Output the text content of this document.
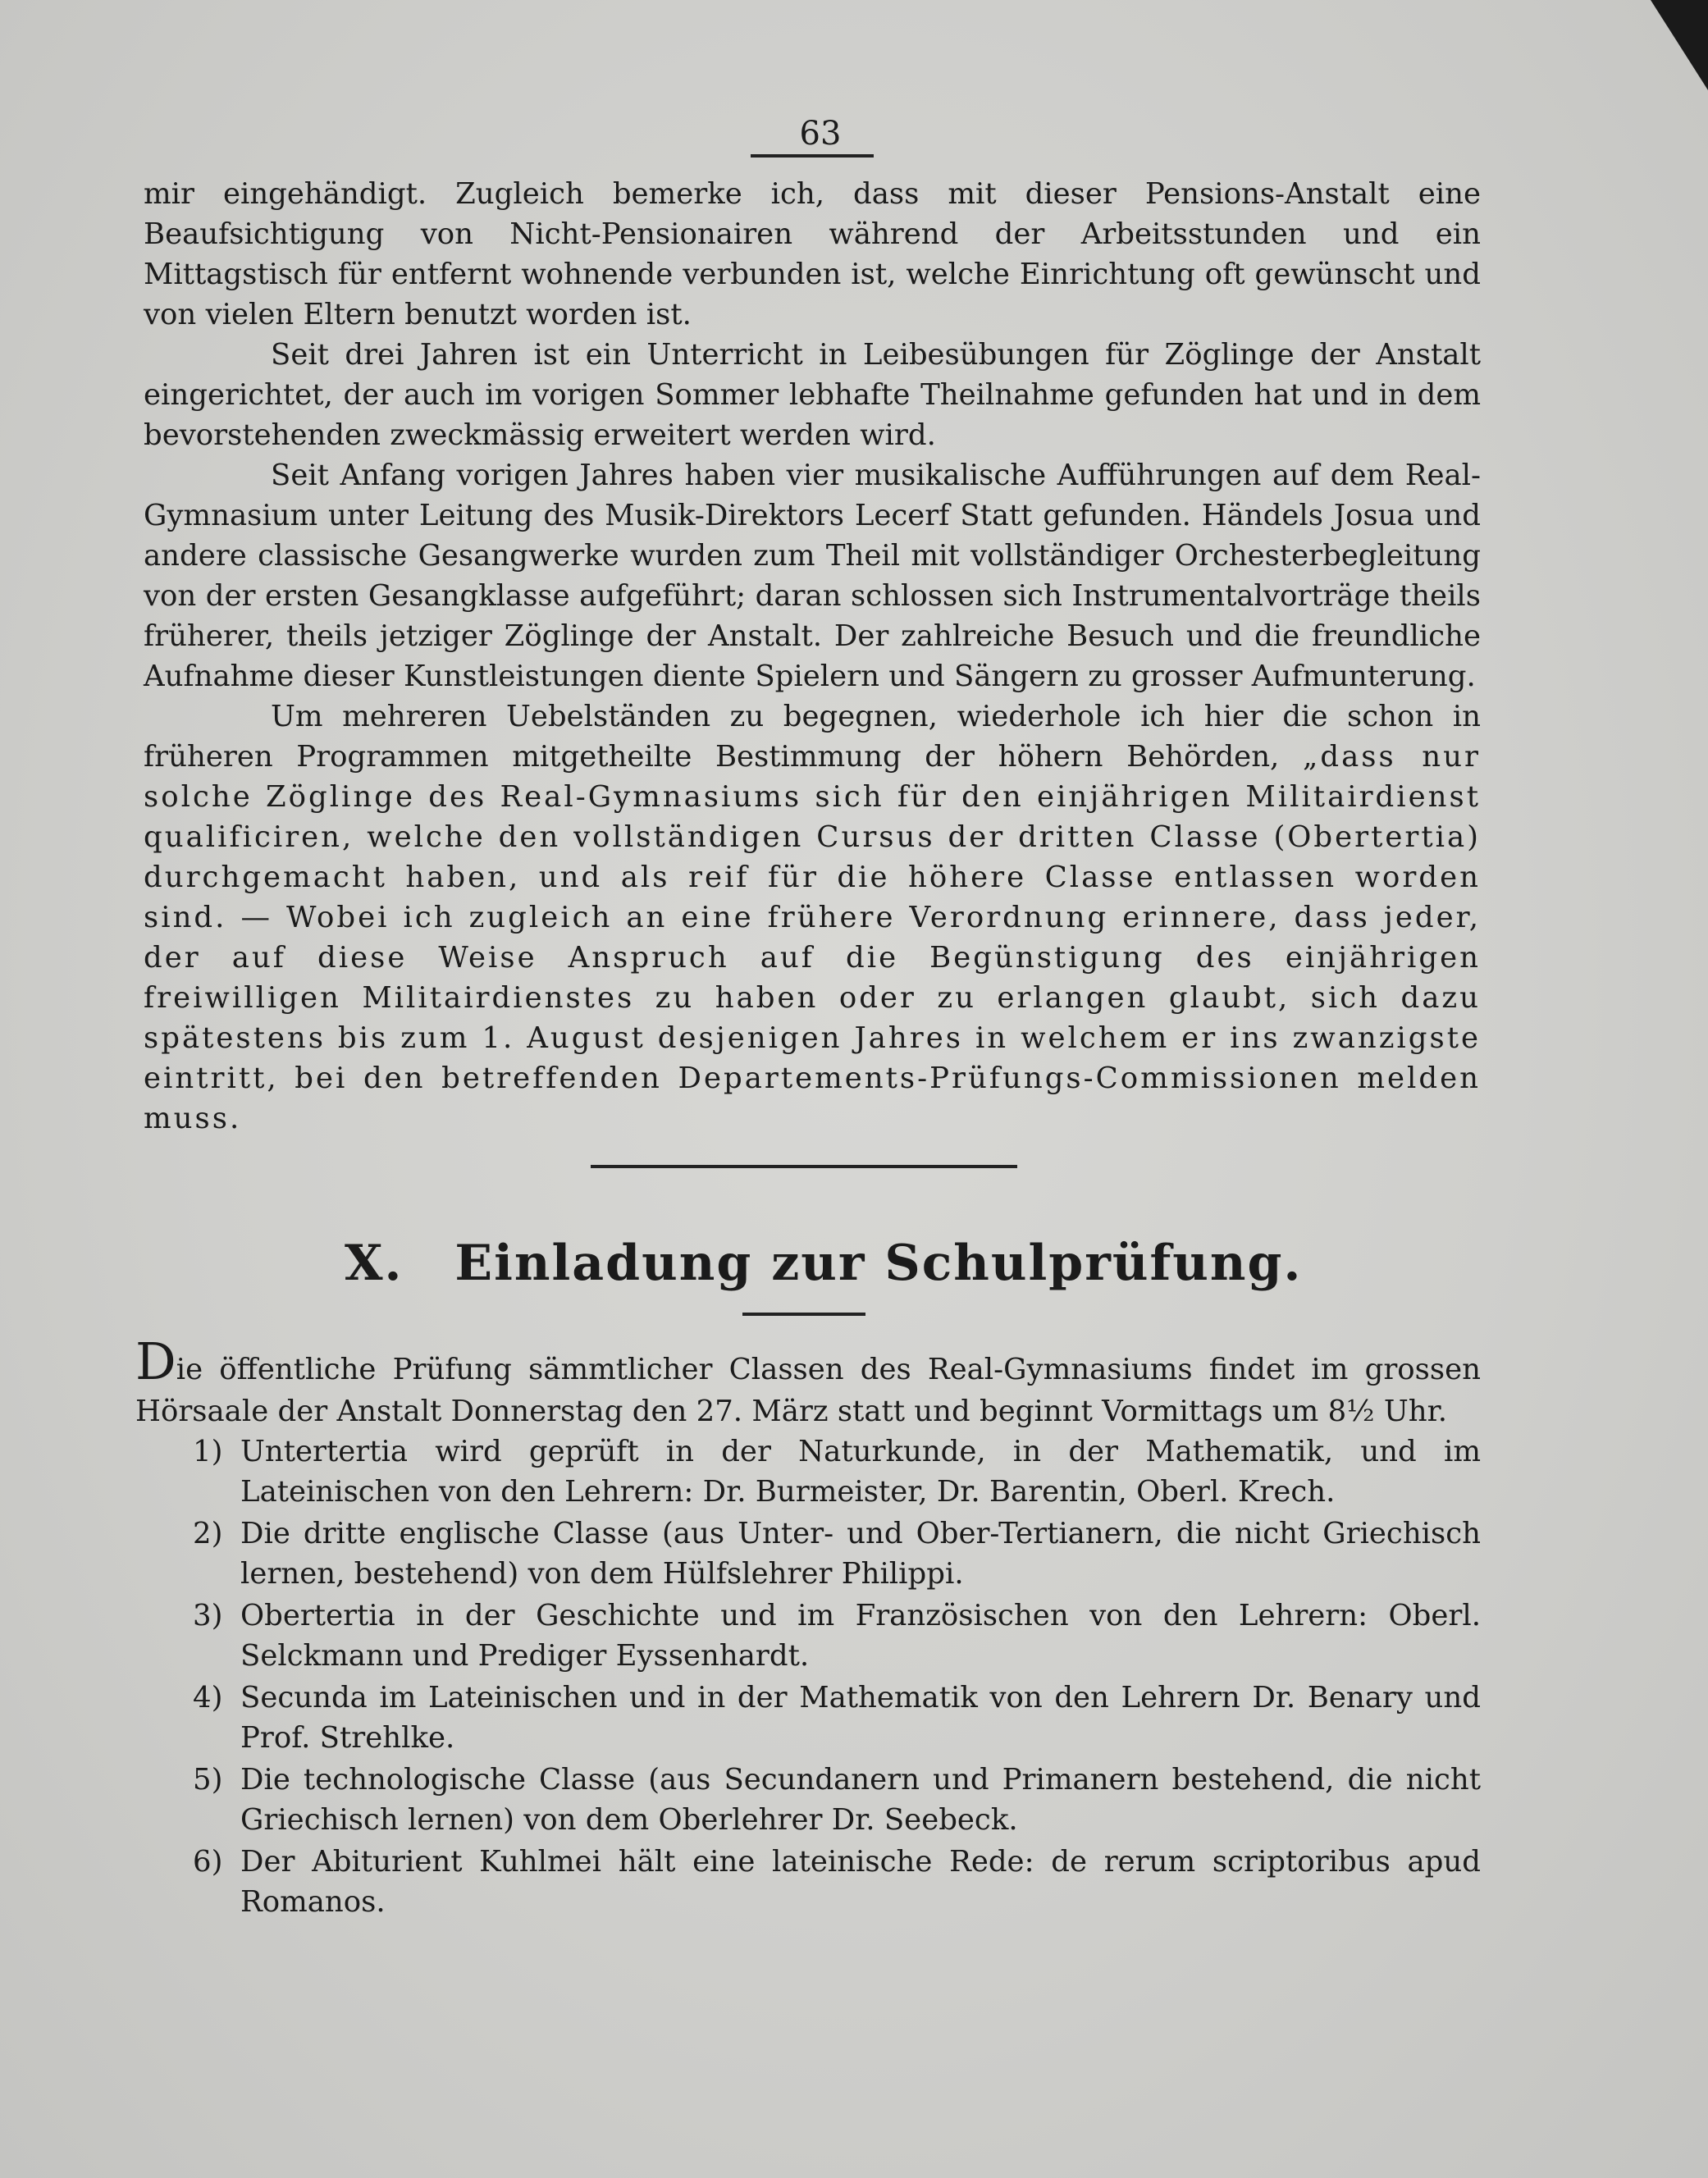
63

mir eingehändigt. Zugleich bemerke ich, dass mit dieser Pensions-Anstalt eine Beaufsichtigung von Nicht-Pensionairen während der Arbeitsstunden und ein Mittagstisch für entfernt wohnende verbunden ist, welche Einrichtung oft gewünscht und von vielen Eltern benutzt worden ist.

Seit drei Jahren ist ein Unterricht in Leibesübungen für Zöglinge der Anstalt eingerichtet, der auch im vorigen Sommer lebhafte Theilnahme gefunden hat und in dem bevorstehenden zweckmässig erweitert werden wird.

Seit Anfang vorigen Jahres haben vier musikalische Aufführungen auf dem Real-Gymnasium unter Leitung des Musik-Direktors Lecerf Statt gefunden. Händels Josua und andere classische Gesangwerke wurden zum Theil mit vollständiger Orchesterbegleitung von der ersten Gesangklasse aufgeführt; daran schlossen sich Instrumentalvorträge theils früherer, theils jetziger Zöglinge der Anstalt. Der zahlreiche Besuch und die freundliche Aufnahme dieser Kunstleistungen diente Spielern und Sängern zu grosser Aufmunterung.

Um mehreren Uebelständen zu begegnen, wiederhole ich hier die schon in früheren Programmen mitgetheilte Bestimmung der höhern Behörden, „dass nur solche Zöglinge des Real-Gymnasiums sich für den einjährigen Militairdienst qualificiren, welche den vollständigen Cursus der dritten Classe (Obertertia) durchgemacht haben, und als reif für die höhere Classe entlassen worden sind. — Wobei ich zugleich an eine frühere Verordnung erinnere, dass jeder, der auf diese Weise Anspruch auf die Begünstigung des einjährigen freiwilligen Militairdienstes zu haben oder zu erlangen glaubt, sich dazu spätestens bis zum 1. August desjenigen Jahres in welchem er ins zwanzigste eintritt, bei den betreffenden Departements-Prüfungs-Commissionen melden muss.

X. Einladung zur Schulprüfung.

Die öffentliche Prüfung sämmtlicher Classen des Real-Gymnasiums findet im grossen Hörsaale der Anstalt Donnerstag den 27. März statt und beginnt Vormittags um 8½ Uhr.

1) Untertertia wird geprüft in der Naturkunde, in der Mathematik, und im Lateinischen von den Lehrern: Dr. Burmeister, Dr. Barentin, Oberl. Krech.
2) Die dritte englische Classe (aus Unter- und Ober-Tertianern, die nicht Griechisch lernen, bestehend) von dem Hülfslehrer Philippi.
3) Obertertia in der Geschichte und im Französischen von den Lehrern: Oberl. Selckmann und Prediger Eyssenhardt.
4) Secunda im Lateinischen und in der Mathematik von den Lehrern Dr. Benary und Prof. Strehlke.
5) Die technologische Classe (aus Secundanern und Primanern bestehend, die nicht Griechisch lernen) von dem Oberlehrer Dr. Seebeck.
6) Der Abiturient Kuhlmei hält eine lateinische Rede: de rerum scriptoribus apud Romanos.
